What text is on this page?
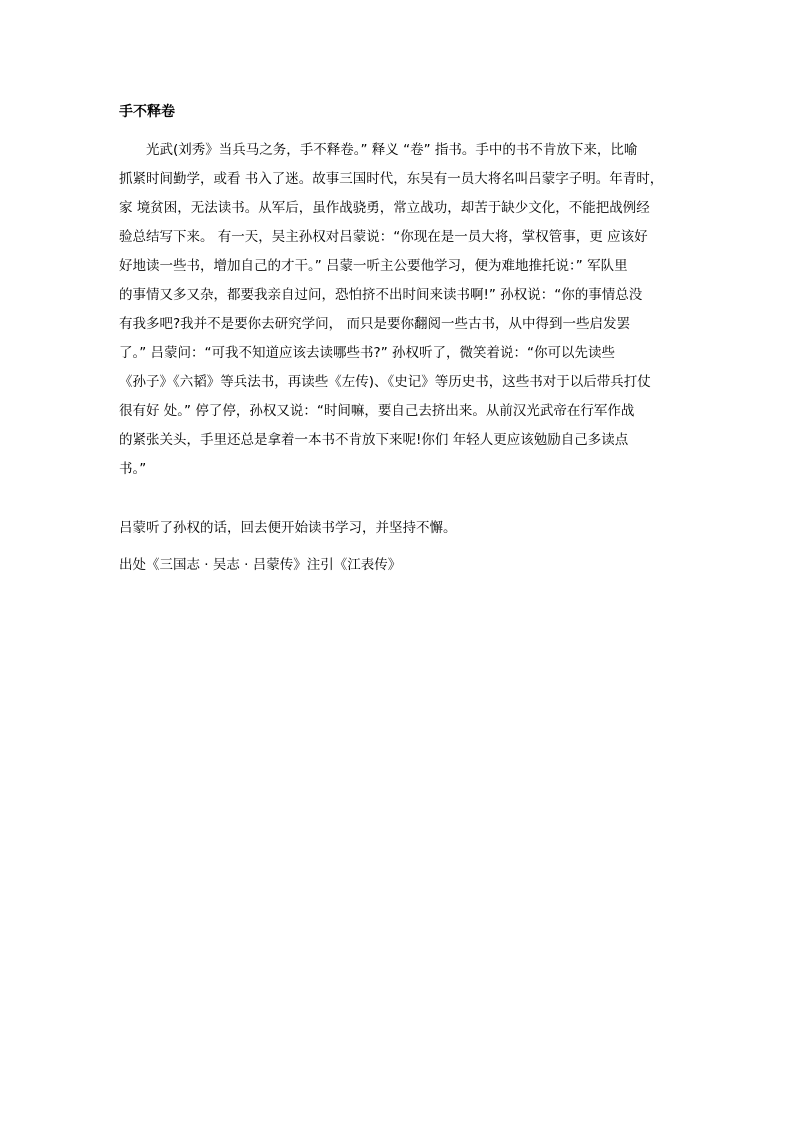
手不释卷
光武(刘秀》当兵马之务，手不释卷。” 释义 “卷” 指书。手中的书不肯放下来，比喻
抓紧时间勤学，或看 书入了迷。故事三国时代，东吴有一员大将名叫吕蒙字子明。年青时，
家 境贫困，无法读书。从军后，虽作战骁勇，常立战功，却苦于缺少文化，不能把战例经
验总结写下来。 有一天，吴主孙权对吕蒙说：“你现在是一员大将，掌权管事，更 应该好
好地读一些书，增加自己的才干。” 吕蒙一听主公要他学习，便为难地推托说：” 军队里
的事情又多又杂，都要我亲自过问，恐怕挤不出时间来读书啊!” 孙权说：“你的事情总没
有我多吧?我并不是要你去研究学问， 而只是要你翻阅一些古书，从中得到一些启发罢
了。” 吕蒙问：“可我不知道应该去读哪些书?” 孙权听了，微笑着说：“你可以先读些
《孙子》《六韬》等兵法书，再读些《左传)、《史记》等历史书，这些书对于以后带兵打仗
很有好 处。” 停了停，孙权又说：“时间嘛，要自己去挤出来。从前汉光武帝在行军作战
的紧张关头，手里还总是拿着一本书不肯放下来呢!你们 年轻人更应该勉励自己多读点
书。”
吕蒙听了孙权的话，回去便开始读书学习，并坚持不懈。
出处《三国志 · 吴志 · 吕蒙传》注引《江表传》
